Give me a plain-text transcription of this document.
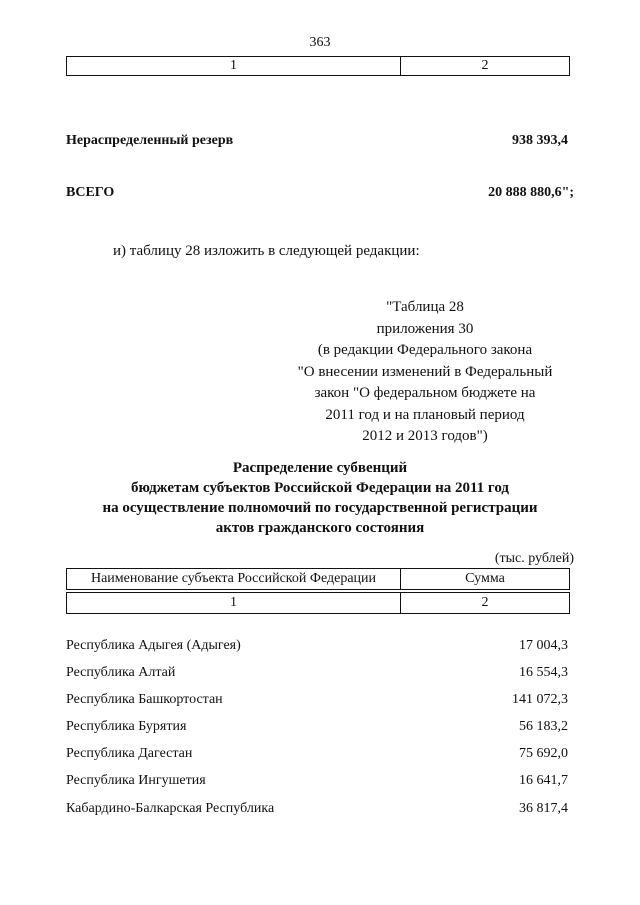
363
1	2
Нераспределенный резерв	938 393,4
ВСЕГО	20 888 880,6";
и) таблицу 28 изложить в следующей редакции:
"Таблица 28
приложения 30
(в редакции Федерального закона
"О внесении изменений в Федеральный
закон "О федеральном бюджете на
2011 год и на плановый период
2012 и 2013 годов")
Распределение субвенций
бюджетам субъектов Российской Федерации на 2011 год
на осуществление полномочий по государственной регистрации
актов гражданского состояния
(тыс. рублей)
Наименование субъекта Российской Федерации	Сумма
1	2
Республика Адыгея (Адыгея)	17 004,3
Республика Алтай	16 554,3
Республика Башкортостан	141 072,3
Республика Бурятия	56 183,2
Республика Дагестан	75 692,0
Республика Ингушетия	16 641,7
Кабардино-Балкарская Республика	36 817,4
